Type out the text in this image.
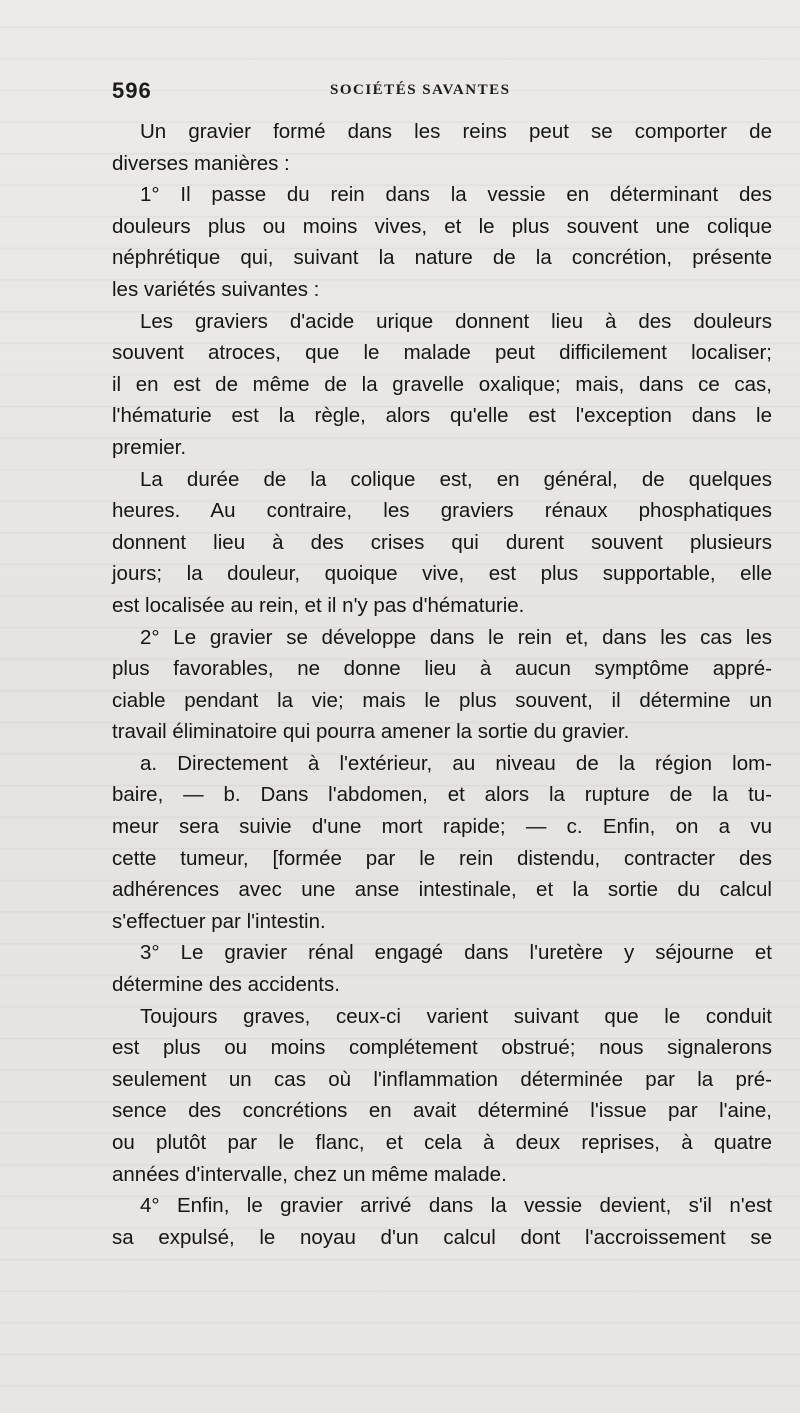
596	SOCIÉTÉS SAVANTES
Un gravier formé dans les reins peut se comporter de
diverses manières :
1° Il passe du rein dans la vessie en déterminant des
douleurs plus ou moins vives, et le plus souvent une colique
néphrétique qui, suivant la nature de la concrétion, présente
les variétés suivantes :
Les graviers d'acide urique donnent lieu à des douleurs
souvent atroces, que le malade peut difficilement localiser;
il en est de même de la gravelle oxalique; mais, dans ce cas,
l'hématurie est la règle, alors qu'elle est l'exception dans le
premier.
La durée de la colique est, en général, de quelques
heures. Au contraire, les graviers rénaux phosphatiques
donnent lieu à des crises qui durent souvent plusieurs
jours; la douleur, quoique vive, est plus supportable, elle
est localisée au rein, et il n'y pas d'hématurie.
2° Le gravier se développe dans le rein et, dans les cas les
plus favorables, ne donne lieu à aucun symptôme appré-
ciable pendant la vie; mais le plus souvent, il détermine un
travail éliminatoire qui pourra amener la sortie du gravier.
a. Directement à l'extérieur, au niveau de la région lom-
baire, — b. Dans l'abdomen, et alors la rupture de la tu-
meur sera suivie d'une mort rapide; — c. Enfin, on a vu
cette tumeur, [formée par le rein distendu, contracter des
adhérences avec une anse intestinale, et la sortie du calcul
s'effectuer par l'intestin.
3° Le gravier rénal engagé dans l'uretère y séjourne et
détermine des accidents.
Toujours graves, ceux-ci varient suivant que le conduit
est plus ou moins complétement obstrué; nous signalerons
seulement un cas où l'inflammation déterminée par la pré-
sence des concrétions en avait déterminé l'issue par l'aine,
ou plutôt par le flanc, et cela à deux reprises, à quatre
années d'intervalle, chez un même malade.
4° Enfin, le gravier arrivé dans la vessie devient, s'il n'est
sa expulsé, le noyau d'un calcul dont l'accroissement se
